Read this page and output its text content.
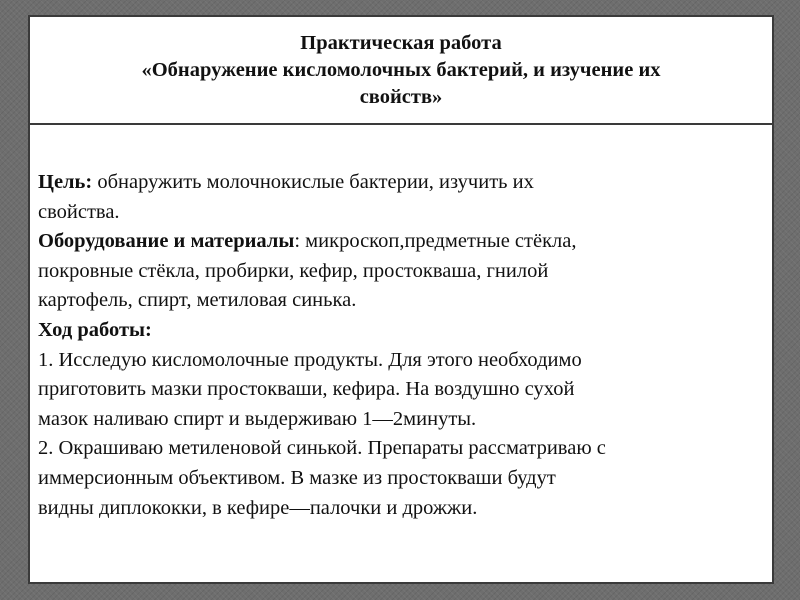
Практическая работа
«Обнаружение кисломолочных бактерий, и изучение их
свойств»
Цель: обнаружить молочнокислые бактерии, изучить их
свойства.
Оборудование и материалы: микроскоп,предметные стёкла,
покровные стёкла, пробирки, кефир, простокваша, гнилой
картофель, спирт, метиловая синька.
Ход работы:
1. Исследую кисломолочные продукты. Для этого необходимо
приготовить мазки простокваши, кефира. На воздушно сухой
мазок наливаю спирт и выдерживаю 1—2минуты.
2. Окрашиваю метиленовой синькой. Препараты рассматриваю с
иммерсионным объективом. В мазке из простокваши будут
видны диплококки, в кефире—палочки и дрожжи.
